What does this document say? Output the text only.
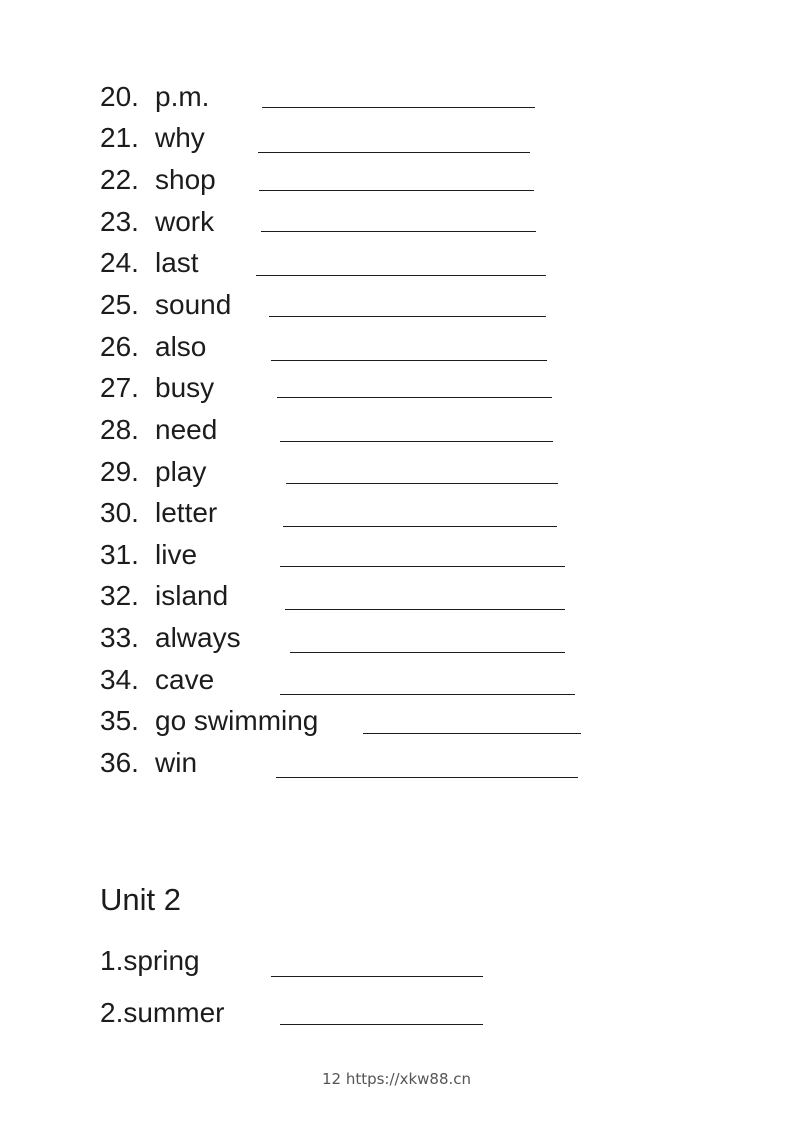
20. p.m.
21. why
22. shop
23. work
24. last
25. sound
26. also
27. busy
28. need
29. play
30. letter
31. live
32. island
33. always
34. cave
35. go swimming
36. win
Unit 2
1.spring
2.summer
12 https://xkw88.cn
